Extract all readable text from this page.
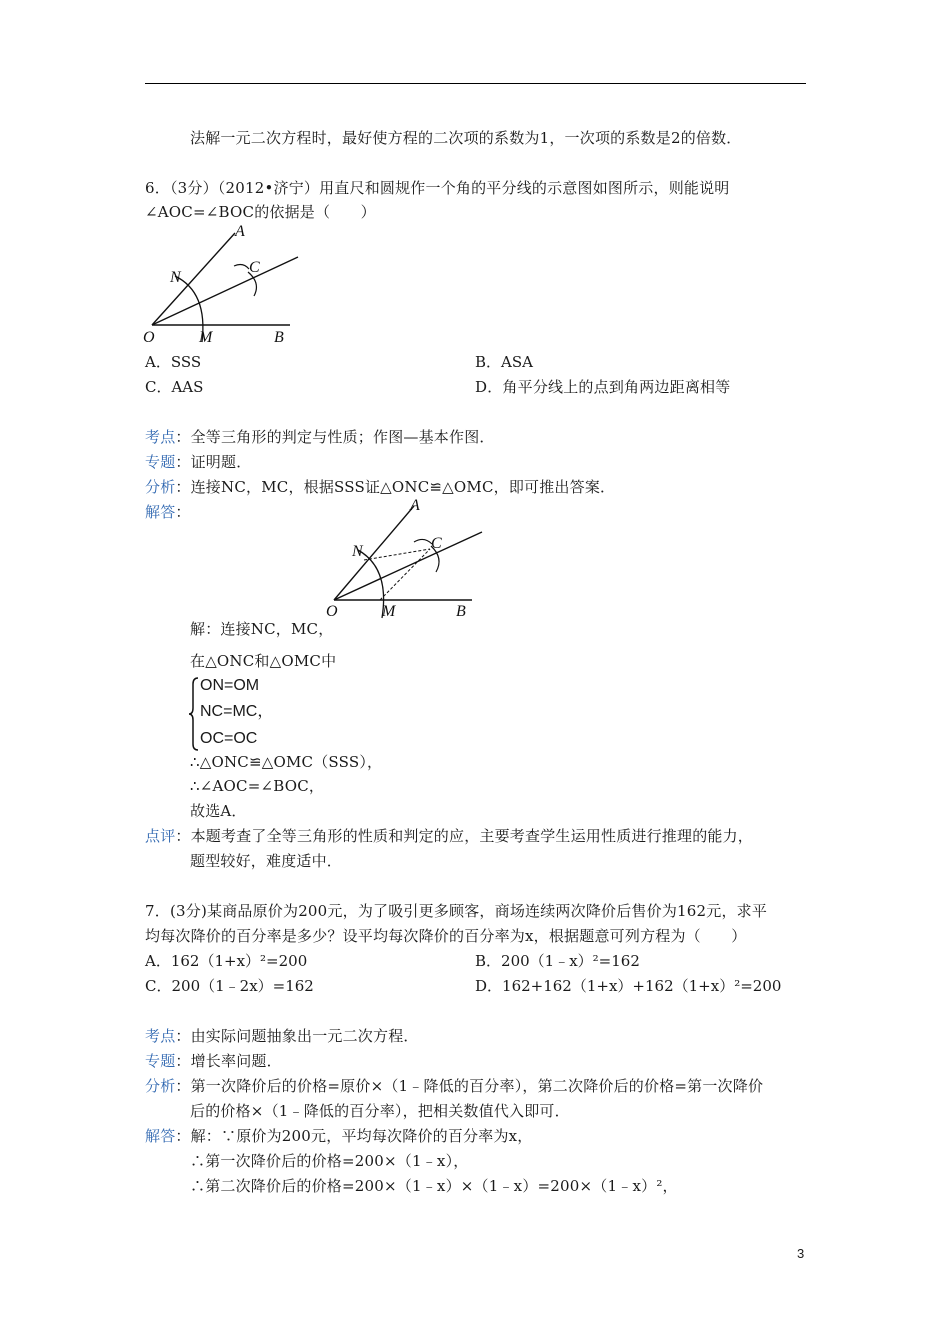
法解一元二次方程时，最好使方程的二次项的系数为1，一次项的系数是2的倍数．
6．（3分）（2012•济宁）用直尺和圆规作一个角的平分线的示意图如图所示，则能说明
∠AOC=∠BOC的依据是（　　）
A
N
C
O	M	B
A．SSS	B．ASA
C．AAS	D．角平分线上的点到角两边距离相等
考点：全等三角形的判定与性质；作图—基本作图．
专题：证明题．
分析：连接NC，MC，根据SSS证△ONC≌△OMC，即可推出答案．
解答：	A
N	C
O	M	B
解：连接NC，MC，
在△ONC和△OMC中
ON=OM
NC=MC，
OC=OC
∴△ONC≌△OMC（SSS），
∴∠AOC=∠BOC，
故选A．
点评：本题考查了全等三角形的性质和判定的应，主要考查学生运用性质进行推理的能力，
题型较好，难度适中．
7．(3分)某商品原价为200元，为了吸引更多顾客，商场连续两次降价后售价为162元，求平
均每次降价的百分率是多少？设平均每次降价的百分率为x，根据题意可列方程为（　　）
A．162（1+x）²=200	B．200（1﹣x）²=162
C．200（1﹣2x）=162	D．162+162（1+x）+162（1+x）²=200
考点：由实际问题抽象出一元二次方程．
专题：增长率问题．
分析：第一次降价后的价格=原价×（1﹣降低的百分率），第二次降价后的价格=第一次降价
后的价格×（1﹣降低的百分率），把相关数值代入即可．
解答：解：∵原价为200元，平均每次降价的百分率为x，
∴第一次降价后的价格=200×（1﹣x），
∴第二次降价后的价格=200×（1﹣x）×（1﹣x）=200×（1﹣x）²，
3
